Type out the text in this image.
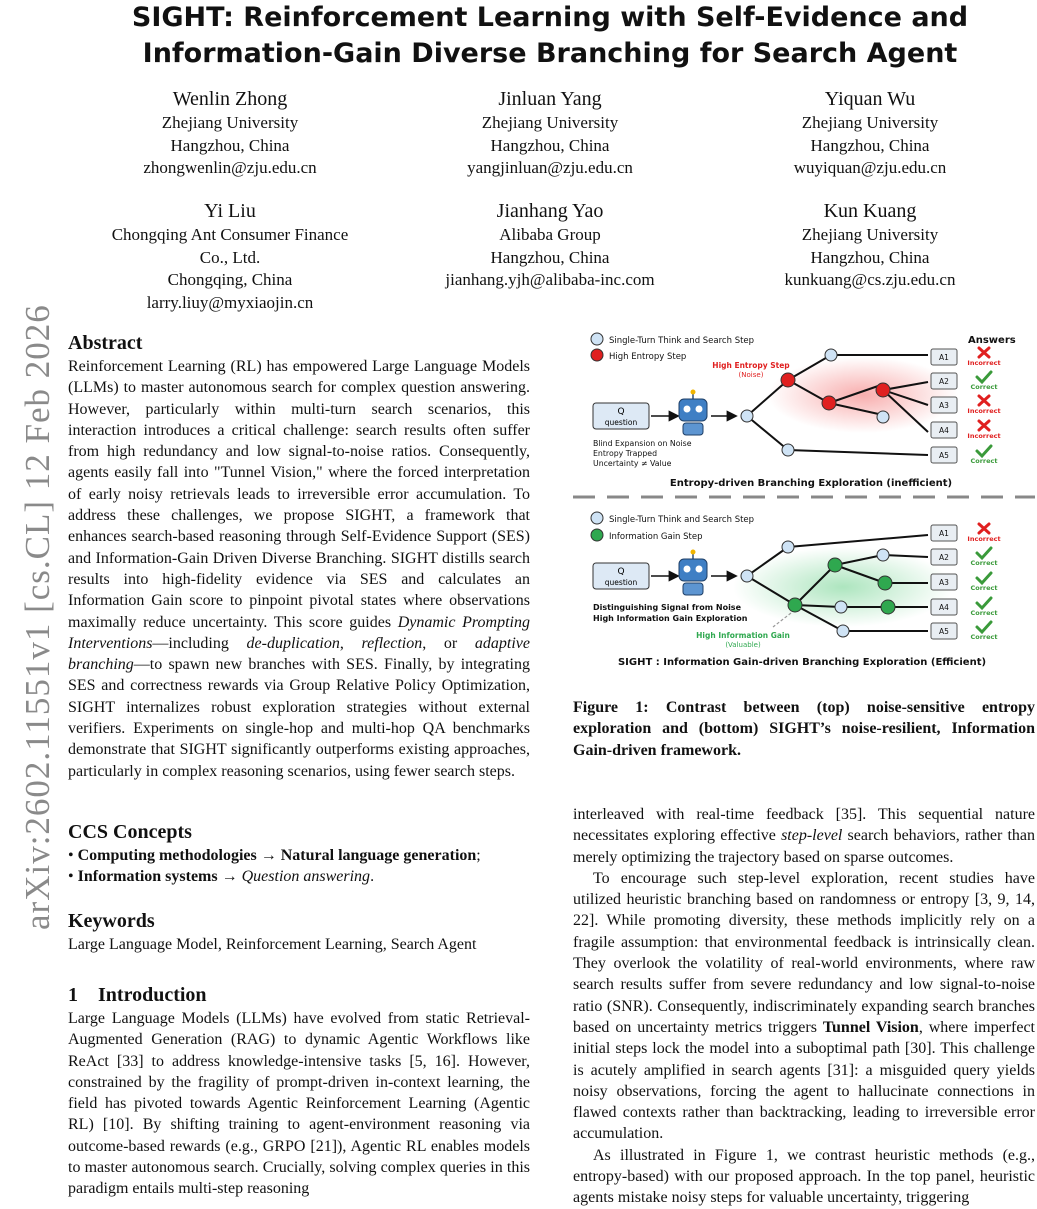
arXiv:2602.11551v1 [cs.CL] 12 Feb 2026
SIGHT: Reinforcement Learning with Self-Evidence and
Information-Gain Diverse Branching for Search Agent
Wenlin Zhong
Zhejiang University
Hangzhou, China
zhongwenlin@zju.edu.cn
Jinluan Yang
Zhejiang University
Hangzhou, China
yangjinluan@zju.edu.cn
Yiquan Wu
Zhejiang University
Hangzhou, China
wuyiquan@zju.edu.cn
Yi Liu
Chongqing Ant Consumer Finance
Co., Ltd.
Chongqing, China
larry.liuy@myxiaojin.cn
Jianhang Yao
Alibaba Group
Hangzhou, China
jianhang.yjh@alibaba-inc.com
Kun Kuang
Zhejiang University
Hangzhou, China
kunkuang@cs.zju.edu.cn
Abstract

Reinforcement Learning (RL) has empowered Large Language Models (LLMs) to master autonomous search for complex question answering. However, particularly within multi-turn search scenarios, this interaction introduces a critical challenge: search results often suffer from high redundancy and low signal-to-noise ratios. Consequently, agents easily fall into "Tunnel Vision," where the forced interpretation of early noisy retrievals leads to irreversible error accumulation. To address these challenges, we propose SIGHT, a framework that enhances search-based reasoning through Self-Evidence Support (SES) and Information-Gain Driven Diverse Branching. SIGHT distills search results into high-fidelity evidence via SES and calculates an Information Gain score to pinpoint pivotal states where observations maximally reduce uncertainty. This score guides Dynamic Prompting Interventions—including de-duplication, reflection, or adaptive branching—to spawn new branches with SES. Finally, by integrating SES and correctness rewards via Group Relative Policy Optimization, SIGHT internalizes robust exploration strategies without external verifiers. Experiments on single-hop and multi-hop QA benchmarks demonstrate that SIGHT significantly outperforms existing approaches, particularly in complex reasoning scenarios, using fewer search steps.

CCS Concepts

• Computing methodologies → Natural language generation;

• Information systems → Question answering.

Keywords

Large Language Model, Reinforcement Learning, Search Agent

1    Introduction

Large Language Models (LLMs) have evolved from static Retrieval-Augmented Generation (RAG) to dynamic Agentic Workflows like ReAct [33] to address knowledge-intensive tasks [5, 16]. However, constrained by the fragility of prompt-driven in-context learning, the field has pivoted towards Agentic Reinforcement Learning (Agentic RL) [10]. By shifting training to agent-environment reasoning via outcome-based rewards (e.g., GRPO [21]), Agentic RL enables models to master autonomous search. Crucially, solving complex queries in this paradigm entails multi-step reasoning

Single-Turn Think and Search Step
High Entropy Step
Answers
Q
question
High Entropy Step
(Noise)
A1
Incorrect
A2
Correct
A3
Incorrect
A4
Incorrect
A5
Correct
Blind Expansion on Noise
Entropy Trapped
Uncertainty ≠ Value
Entropy-driven Branching Exploration (inefficient)
Single-Turn Think and Search Step
Information Gain Step
Q
question
High Information Gain
(Valuable)
A1
Incorrect
A2
Correct
A3
Correct
A4
Correct
A5
Correct
Distinguishing Signal from Noise
High Information Gain Exploration
SIGHT : Information Gain-driven Branching Exploration (Efficient)
Figure 1: Contrast between (top) noise-sensitive entropy exploration and (bottom) SIGHT’s noise-resilient, Information Gain-driven framework.

interleaved with real-time feedback [35]. This sequential nature necessitates exploring effective step-level search behaviors, rather than merely optimizing the trajectory based on sparse outcomes.

To encourage such step-level exploration, recent studies have utilized heuristic branching based on randomness or entropy [3, 9, 14, 22]. While promoting diversity, these methods implicitly rely on a fragile assumption: that environmental feedback is intrinsically clean. They overlook the volatility of real-world environments, where raw search results suffer from severe redundancy and low signal-to-noise ratio (SNR). Consequently, indiscriminately expanding search branches based on uncertainty metrics triggers Tunnel Vision, where imperfect initial steps lock the model into a suboptimal path [30]. This challenge is acutely amplified in search agents [31]: a misguided query yields noisy observations, forcing the agent to hallucinate connections in flawed contexts rather than backtracking, leading to irreversible error accumulation.

As illustrated in Figure 1, we contrast heuristic methods (e.g., entropy-based) with our proposed approach. In the top panel, heuristic agents mistake noisy steps for valuable uncertainty, triggering
